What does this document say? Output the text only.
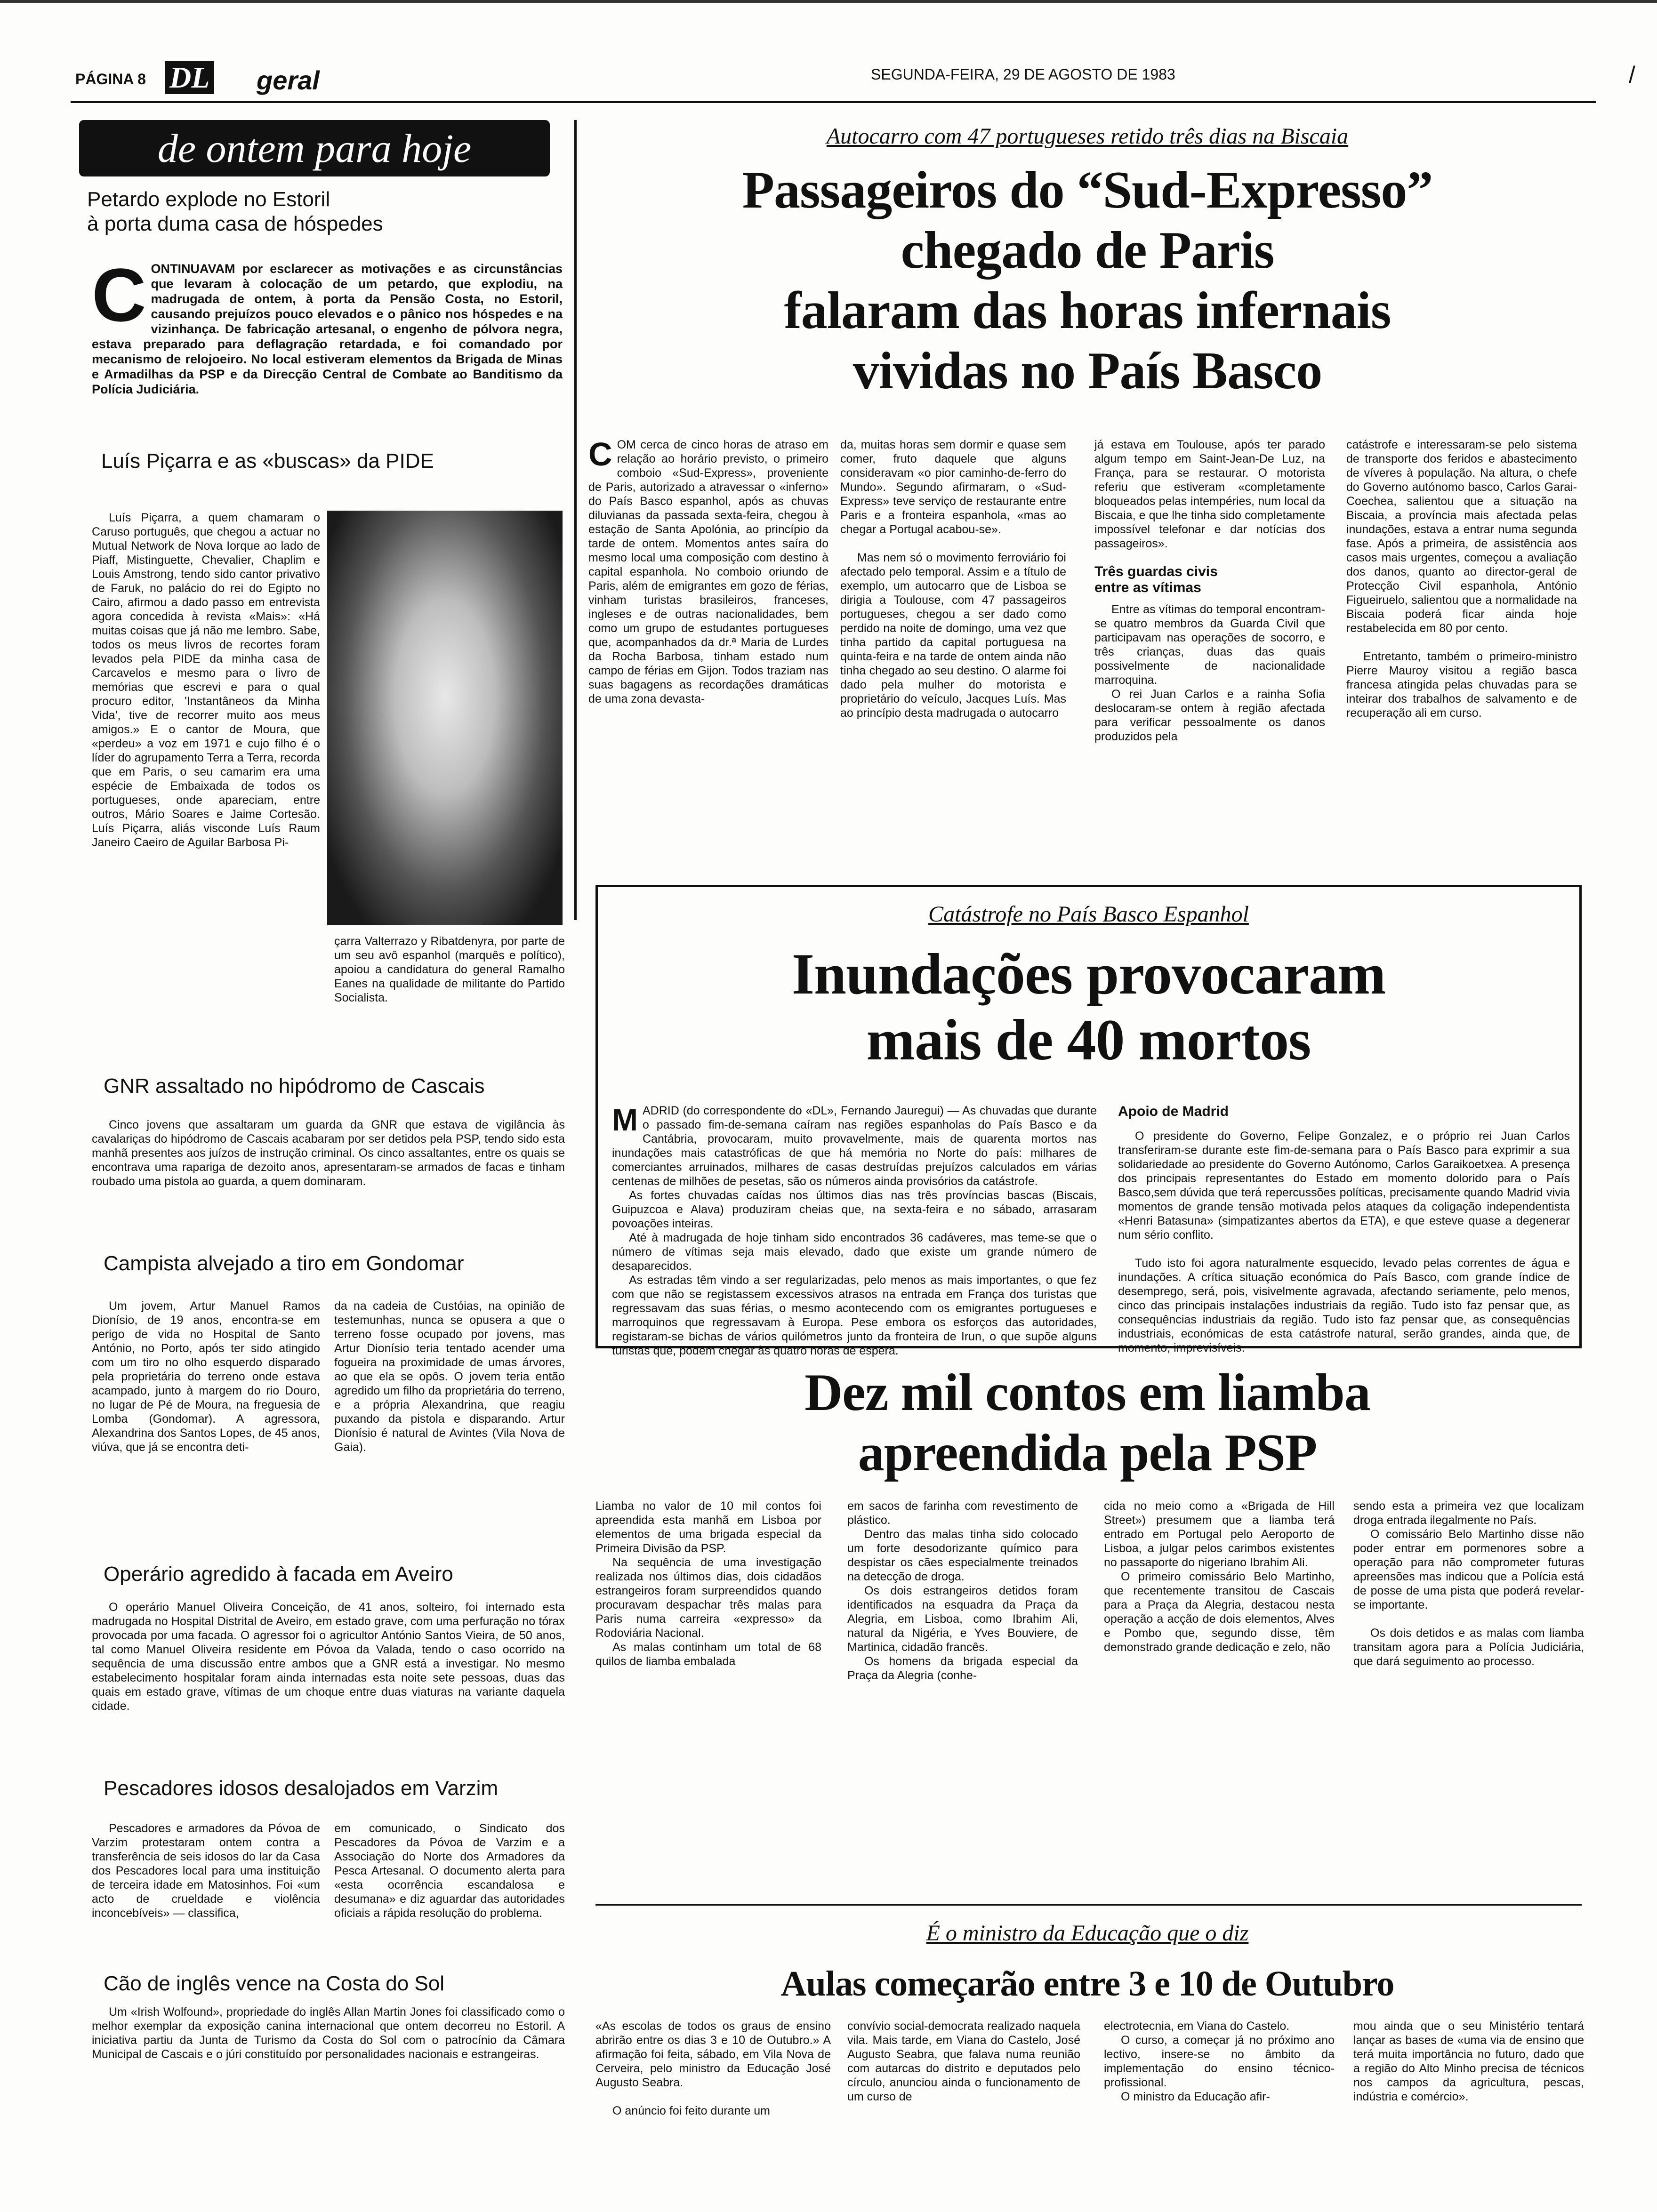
PÁGINA 8 DL geral	SEGUNDA-FEIRA, 29 DE AGOSTO DE 1983	/
de ontem para hoje
Petardo explode no Estoril
à porta duma casa de hóspedes
C ONTINUAVAM por esclarecer as motivações e as circunstâncias que levaram à colocação de um petardo, que explodiu, na madrugada de ontem, à porta da Pensão Costa, no Estoril, causando prejuízos pouco elevados e o pânico nos hóspedes e na vizinhança. De fabricação artesanal, o engenho de pólvora negra, estava preparado para deflagração retardada, e foi comandado por mecanismo de relojoeiro. No local estiveram elementos da Brigada de Minas e Armadilhas da PSP e da Direcção Central de Combate ao Banditismo da Polícia Judiciária.
Luís Piçarra e as «buscas» da PIDE

Luís Piçarra, a quem chamaram o Caruso português, que chegou a actuar no Mutual Network de Nova Iorque ao lado de Piaff, Mistinguette, Chevalier, Chaplim e Louis Amstrong, tendo sido cantor privativo de Faruk, no palácio do rei do Egipto no Cairo, afirmou a dado passo em entrevista agora concedida à revista «Mais»: «Há muitas coisas que já não me lembro. Sabe, todos os meus livros de recortes foram levados pela PIDE da minha casa de Carcavelos e mesmo para o livro de memórias que escrevi e para o qual procuro editor, 'Instantâneos da Minha Vida', tive de recorrer muito aos meus amigos.» E o cantor de Moura, que «perdeu» a voz em 1971 e cujo filho é o líder do agrupamento Terra a Terra, recorda que em Paris, o seu camarim era uma espécie de Embaixada de todos os portugueses, onde apareciam, entre outros, Mário Soares e Jaime Cortesão. Luís Piçarra, aliás visconde Luís Raum Janeiro Caeiro de Aguilar Barbosa Pi-

çarra Valterrazo y Ribatdenyra, por parte de um seu avô espanhol (marquês e político), apoiou a candidatura do general Ramalho Eanes na qualidade de militante do Partido Socialista.

GNR assaltado no hipódromo de Cascais

Cinco jovens que assaltaram um guarda da GNR que estava de vigilância às cavalariças do hipódromo de Cascais acabaram por ser detidos pela PSP, tendo sido esta manhã presentes aos juízos de instrução criminal. Os cinco assaltantes, entre os quais se encontrava uma rapariga de dezoito anos, apresentaram-se armados de facas e tinham roubado uma pistola ao guarda, a quem dominaram.

Campista alvejado a tiro em Gondomar

Um jovem, Artur Manuel Ramos Dionísio, de 19 anos, encontra-se em perigo de vida no Hospital de Santo António, no Porto, após ter sido atingido com um tiro no olho esquerdo disparado pela proprietária do terreno onde estava acampado, junto à margem do rio Douro, no lugar de Pé de Moura, na freguesia de Lomba (Gondomar). A agressora, Alexandrina dos Santos Lopes, de 45 anos, viúva, que já se encontra deti-

da na cadeia de Custóias, na opinião de testemunhas, nunca se opusera a que o terreno fosse ocupado por jovens, mas Artur Dionísio teria tentado acender uma fogueira na proximidade de umas árvores, ao que ela se opôs. O jovem teria então agredido um filho da proprietária do terreno, e a própria Alexandrina, que reagiu puxando da pistola e disparando. Artur Dionísio é natural de Avintes (Vila Nova de Gaia).

Operário agredido à facada em Aveiro

O operário Manuel Oliveira Conceição, de 41 anos, solteiro, foi internado esta madrugada no Hospital Distrital de Aveiro, em estado grave, com uma perfuração no tórax provocada por uma facada. O agressor foi o agricultor António Santos Vieira, de 50 anos, tal como Manuel Oliveira residente em Póvoa da Valada, tendo o caso ocorrido na sequência de uma discussão entre ambos que a GNR está a investigar. No mesmo estabelecimento hospitalar foram ainda internadas esta noite sete pessoas, duas das quais em estado grave, vítimas de um choque entre duas viaturas na variante daquela cidade.

Pescadores idosos desalojados em Varzim

Pescadores e armadores da Póvoa de Varzim protestaram ontem contra a transferência de seis idosos do lar da Casa dos Pescadores local para uma instituição de terceira idade em Matosinhos. Foi «um acto de crueldade e violência inconcebíveis» — classifica,

em comunicado, o Sindicato dos Pescadores da Póvoa de Varzim e a Associação do Norte dos Armadores da Pesca Artesanal. O documento alerta para «esta ocorrência escandalosa e desumana» e diz aguardar das autoridades oficiais a rápida resolução do problema.

Cão de inglês vence na Costa do Sol

Um «Irish Wolfound», propriedade do inglês Allan Martin Jones foi classificado como o melhor exemplar da exposição canina internacional que ontem decorreu no Estoril. A iniciativa partiu da Junta de Turismo da Costa do Sol com o patrocínio da Câmara Municipal de Cascais e o júri constituído por personalidades nacionais e estrangeiras.

Autocarro com 47 portugueses retido três dias na Biscaia
Passageiros do “Sud-Expresso”
chegado de Paris
falaram das horas infernais
vividas no País Basco
C OM cerca de cinco horas de atraso em relação ao horário previsto, o primeiro comboio «Sud-Express», proveniente de Paris, autorizado a atravessar o «inferno» do País Basco espanhol, após as chuvas diluvianas da passada sexta-feira, chegou à estação de Santa Apolónia, ao princípio da tarde de ontem. Momentos antes saíra do mesmo local uma composição com destino à capital espanhola. No comboio oriundo de Paris, além de emigrantes em gozo de férias, vinham turistas brasileiros, franceses, ingleses e de outras nacionalidades, bem como um grupo de estudantes portugueses que, acompanhados da dr.ª Maria de Lurdes da Rocha Barbosa, tinham estado num campo de férias em Gijon. Todos traziam nas suas bagagens as recordações dramáticas de uma zona devasta-

da, muitas horas sem dormir e quase sem comer, fruto daquele que alguns consideravam «o pior caminho-de-ferro do Mundo». Segundo afirmaram, o «Sud-Express» teve serviço de restaurante entre Paris e a fronteira espanhola, «mas ao chegar a Portugal acabou-se».

Mas nem só o movimento ferroviário foi afectado pelo temporal. Assim e a título de exemplo, um autocarro que de Lisboa se dirigia a Toulouse, com 47 passageiros portugueses, chegou a ser dado como perdido na noite de domingo, uma vez que tinha partido da capital portuguesa na quinta-feira e na tarde de ontem ainda não tinha chegado ao seu destino. O alarme foi dado pela mulher do motorista e proprietário do veículo, Jacques Luís. Mas ao princípio desta madrugada o autocarro

já estava em Toulouse, após ter parado algum tempo em Saint-Jean-De Luz, na França, para se restaurar. O motorista referiu que estiveram «completamente bloqueados pelas intempéries, num local da Biscaia, e que lhe tinha sido completamente impossível telefonar e dar notícias dos passageiros».

Três guardas civis
entre as vítimas

Entre as vítimas do temporal encontram-se quatro membros da Guarda Civil que participavam nas operações de socorro, e três crianças, duas das quais possivelmente de nacionalidade marroquina.

O rei Juan Carlos e a rainha Sofia deslocaram-se ontem à região afectada para verificar pessoalmente os danos produzidos pela

catástrofe e interessaram-se pelo sistema de transporte dos feridos e abastecimento de víveres à população. Na altura, o chefe do Governo autónomo basco, Carlos Garai-Coechea, salientou que a situação na Biscaia, a província mais afectada pelas inundações, estava a entrar numa segunda fase. Após a primeira, de assistência aos casos mais urgentes, começou a avaliação dos danos, quanto ao director-geral de Protecção Civil espanhola, António Figueiruelo, salientou que a normalidade na Biscaia poderá ficar ainda hoje restabelecida em 80 por cento.

Entretanto, também o primeiro-ministro Pierre Mauroy visitou a região basca francesa atingida pelas chuvadas para se inteirar dos trabalhos de salvamento e de recuperação ali em curso.

Catástrofe no País Basco Espanhol
Inundações provocaram
mais de 40 mortos
M ADRID (do correspondente do «DL», Fernando Jauregui) — As chuvadas que durante o passado fim-de-semana caíram nas regiões espanholas do País Basco e da Cantábria, provocaram, muito provavelmente, mais de quarenta mortos nas inundações mais catastróficas de que há memória no Norte do país: milhares de comerciantes arruinados, milhares de casas destruídas prejuízos calculados em várias centenas de milhões de pesetas, são os números ainda provisórios da catástrofe.

As fortes chuvadas caídas nos últimos dias nas três províncias bascas (Biscais, Guipuzcoa e Alava) produziram cheias que, na sexta-feira e no sábado, arrasaram povoações inteiras.

Até à madrugada de hoje tinham sido encontrados 36 cadáveres, mas teme-se que o número de vítimas seja mais elevado, dado que existe um grande número de desaparecidos.

As estradas têm vindo a ser regularizadas, pelo menos as mais importantes, o que fez com que não se registassem excessivos atrasos na entrada em França dos turistas que regressavam das suas férias, o mesmo acontecendo com os emigrantes portugueses e marroquinos que regressavam à Europa. Pese embora os esforços das autoridades, registaram-se bichas de vários quilómetros junto da fronteira de Irun, o que supõe alguns turistas que, podem chegar às quatro horas de espera.

Apoio de Madrid

O presidente do Governo, Felipe Gonzalez, e o próprio rei Juan Carlos transferiram-se durante este fim-de-semana para o País Basco para exprimir a sua solidariedade ao presidente do Governo Autónomo, Carlos Garaikoetxea. A presença dos principais representantes do Estado em momento dolorido para o País Basco,sem dúvida que terá repercussões políticas, precisamente quando Madrid vivia momentos de grande tensão motivada pelos ataques da coligação independentista «Henri Batasuna» (simpatizantes abertos da ETA), e que esteve quase a degenerar num sério conflito.

Tudo isto foi agora naturalmente esquecido, levado pelas correntes de água e inundações. A crítica situação económica do País Basco, com grande índice de desemprego, será, pois, visivelmente agravada, afectando seriamente, pelo menos, cinco das principais instalações industriais da região. Tudo isto faz pensar que, as consequências industriais da região. Tudo isto faz pensar que, as consequências industriais, económicas de esta catástrofe natural, serão grandes, ainda que, de momento, imprevisíveis.

Dez mil contos em liamba
apreendida pela PSP

Liamba no valor de 10 mil contos foi apreendida esta manhã em Lisboa por elementos de uma brigada especial da Primeira Divisão da PSP.

Na sequência de uma investigação realizada nos últimos dias, dois cidadãos estrangeiros foram surpreendidos quando procuravam despachar três malas para Paris numa carreira «expresso» da Rodoviária Nacional.

As malas continham um total de 68 quilos de liamba embalada

em sacos de farinha com revestimento de plástico.

Dentro das malas tinha sido colocado um forte desodorizante químico para despistar os cães especialmente treinados na detecção de droga.

Os dois estrangeiros detidos foram identificados na esquadra da Praça da Alegria, em Lisboa, como Ibrahim Ali, natural da Nigéria, e Yves Bouviere, de Martinica, cidadão francês.

Os homens da brigada especial da Praça da Alegria (conhe-

cida no meio como a «Brigada de Hill Street») presumem que a liamba terá entrado em Portugal pelo Aeroporto de Lisboa, a julgar pelos carimbos existentes no passaporte do nigeriano Ibrahim Ali.

O primeiro comissário Belo Martinho, que recentemente transitou de Cascais para a Praça da Alegria, destacou nesta operação a acção de dois elementos, Alves e Pombo que, segundo disse, têm demonstrado grande dedicação e zelo, não

sendo esta a primeira vez que localizam droga entrada ilegalmente no País.

O comissário Belo Martinho disse não poder entrar em pormenores sobre a operação para não comprometer futuras apreensões mas indicou que a Polícia está de posse de uma pista que poderá revelar-se importante.

Os dois detidos e as malas com liamba transitam agora para a Polícia Judiciária, que dará seguimento ao processo.

É o ministro da Educação que o diz
Aulas começarão entre 3 e 10 de Outubro

«As escolas de todos os graus de ensino abrirão entre os dias 3 e 10 de Outubro.» A afirmação foi feita, sábado, em Vila Nova de Cerveira, pelo ministro da Educação José Augusto Seabra.

O anúncio foi feito durante um

convívio social-democrata realizado naquela vila. Mais tarde, em Viana do Castelo, José Augusto Seabra, que falava numa reunião com autarcas do distrito e deputados pelo círculo, anunciou ainda o funcionamento de um curso de

electrotecnia, em Viana do Castelo.

O curso, a começar já no próximo ano lectivo, insere-se no âmbito da implementação do ensino técnico-profissional.

O ministro da Educação afir-

mou ainda que o seu Ministério tentará lançar as bases de «uma via de ensino que terá muita importância no futuro, dado que a região do Alto Minho precisa de técnicos nos campos da agricultura, pescas, indústria e comércio».
